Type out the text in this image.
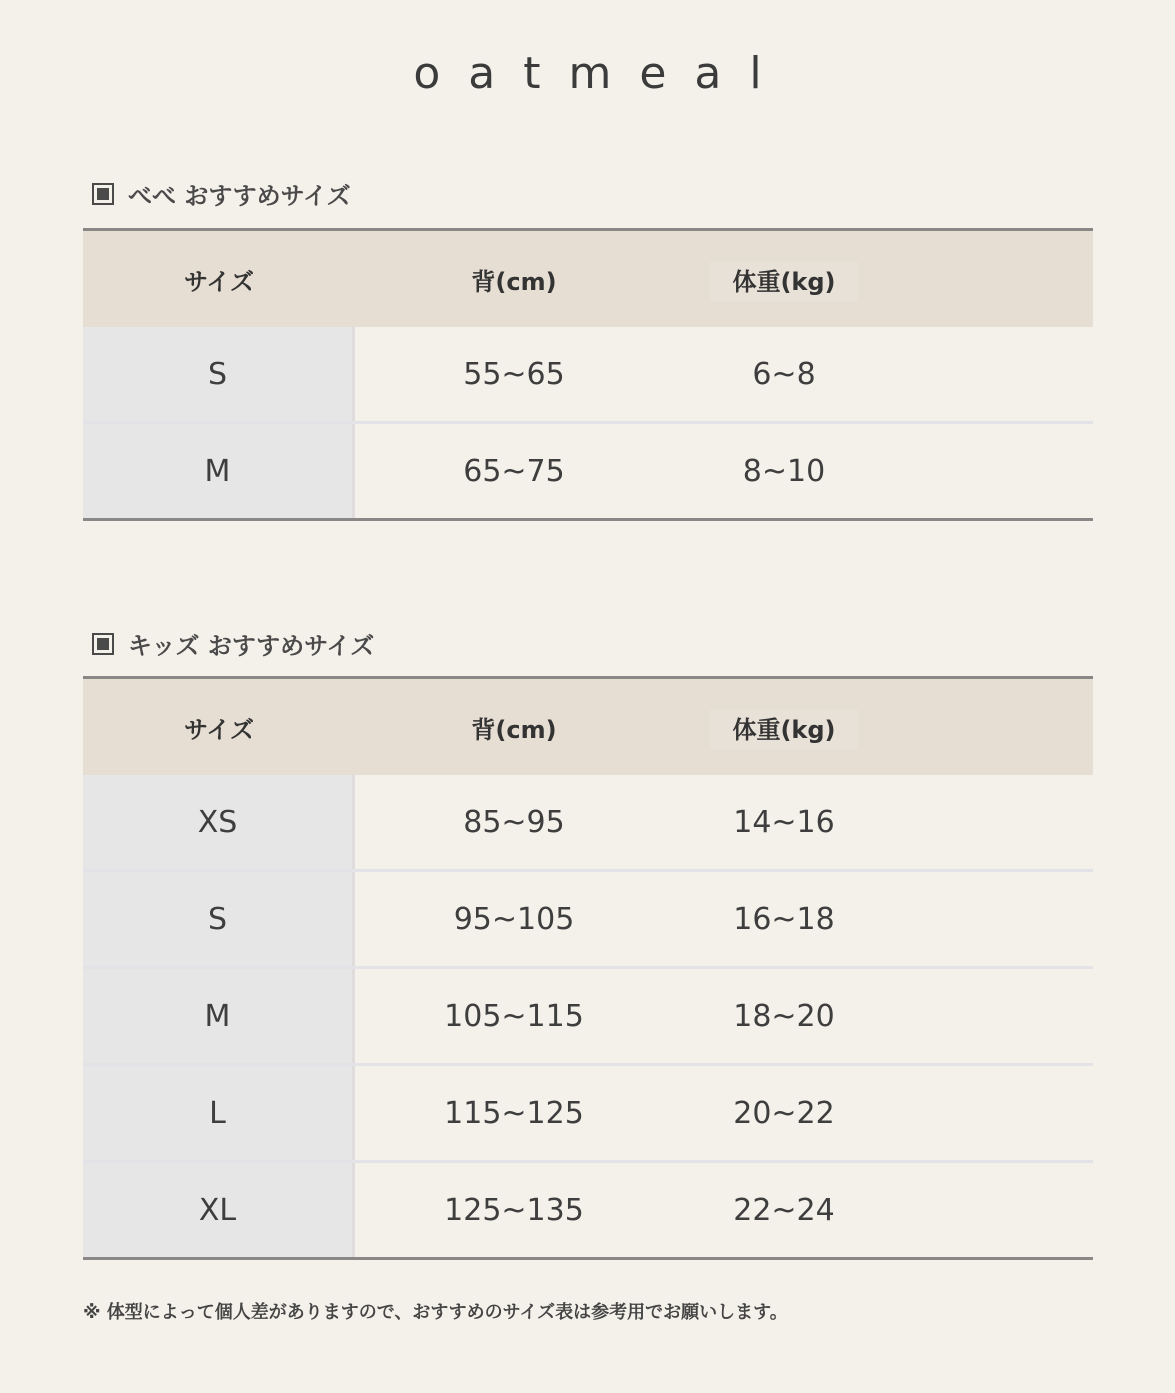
oatmeal
べべ おすすめサイズ
サイズ	背(cm)	体重(kg)
S	55~65	6~8
M	65~75	8~10
キッズ おすすめサイズ
サイズ	背(cm)	体重(kg)
XS	85~95	14~16
S	95~105	16~18
M	105~115	18~20
L	115~125	20~22
XL	125~135	22~24
※ 体型によって個人差がありますので、おすすめのサイズ表は参考用でお願いします。
